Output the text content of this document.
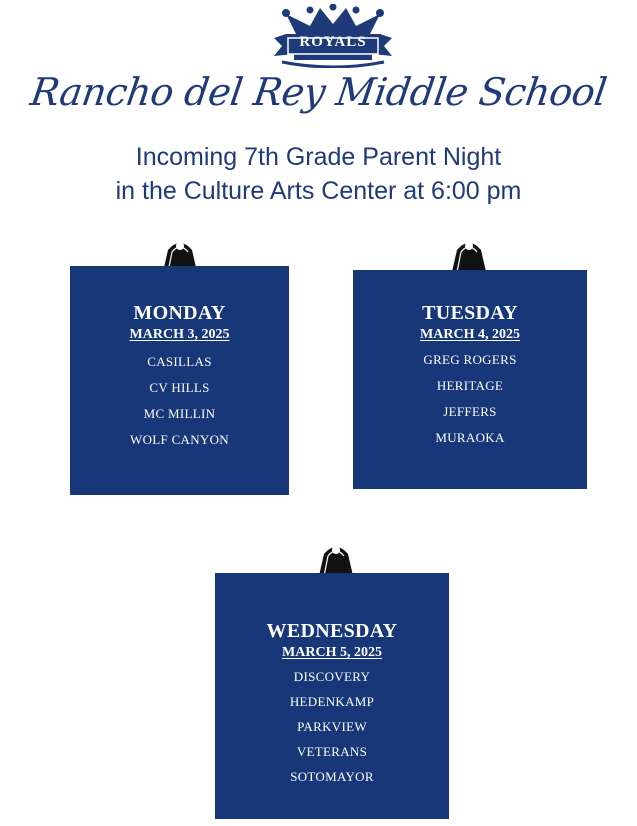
ROYALS
Rancho del Rey Middle School
Incoming 7th Grade Parent Night
in the Culture Arts Center at 6:00 pm
MONDAY
MARCH 3, 2025
CASILLAS
CV HILLS
MC MILLIN
WOLF CANYON
TUESDAY
MARCH 4, 2025
GREG ROGERS
HERITAGE
JEFFERS
MURAOKA
WEDNESDAY
MARCH 5, 2025
DISCOVERY
HEDENKAMP
PARKVIEW
VETERANS
SOTOMAYOR
